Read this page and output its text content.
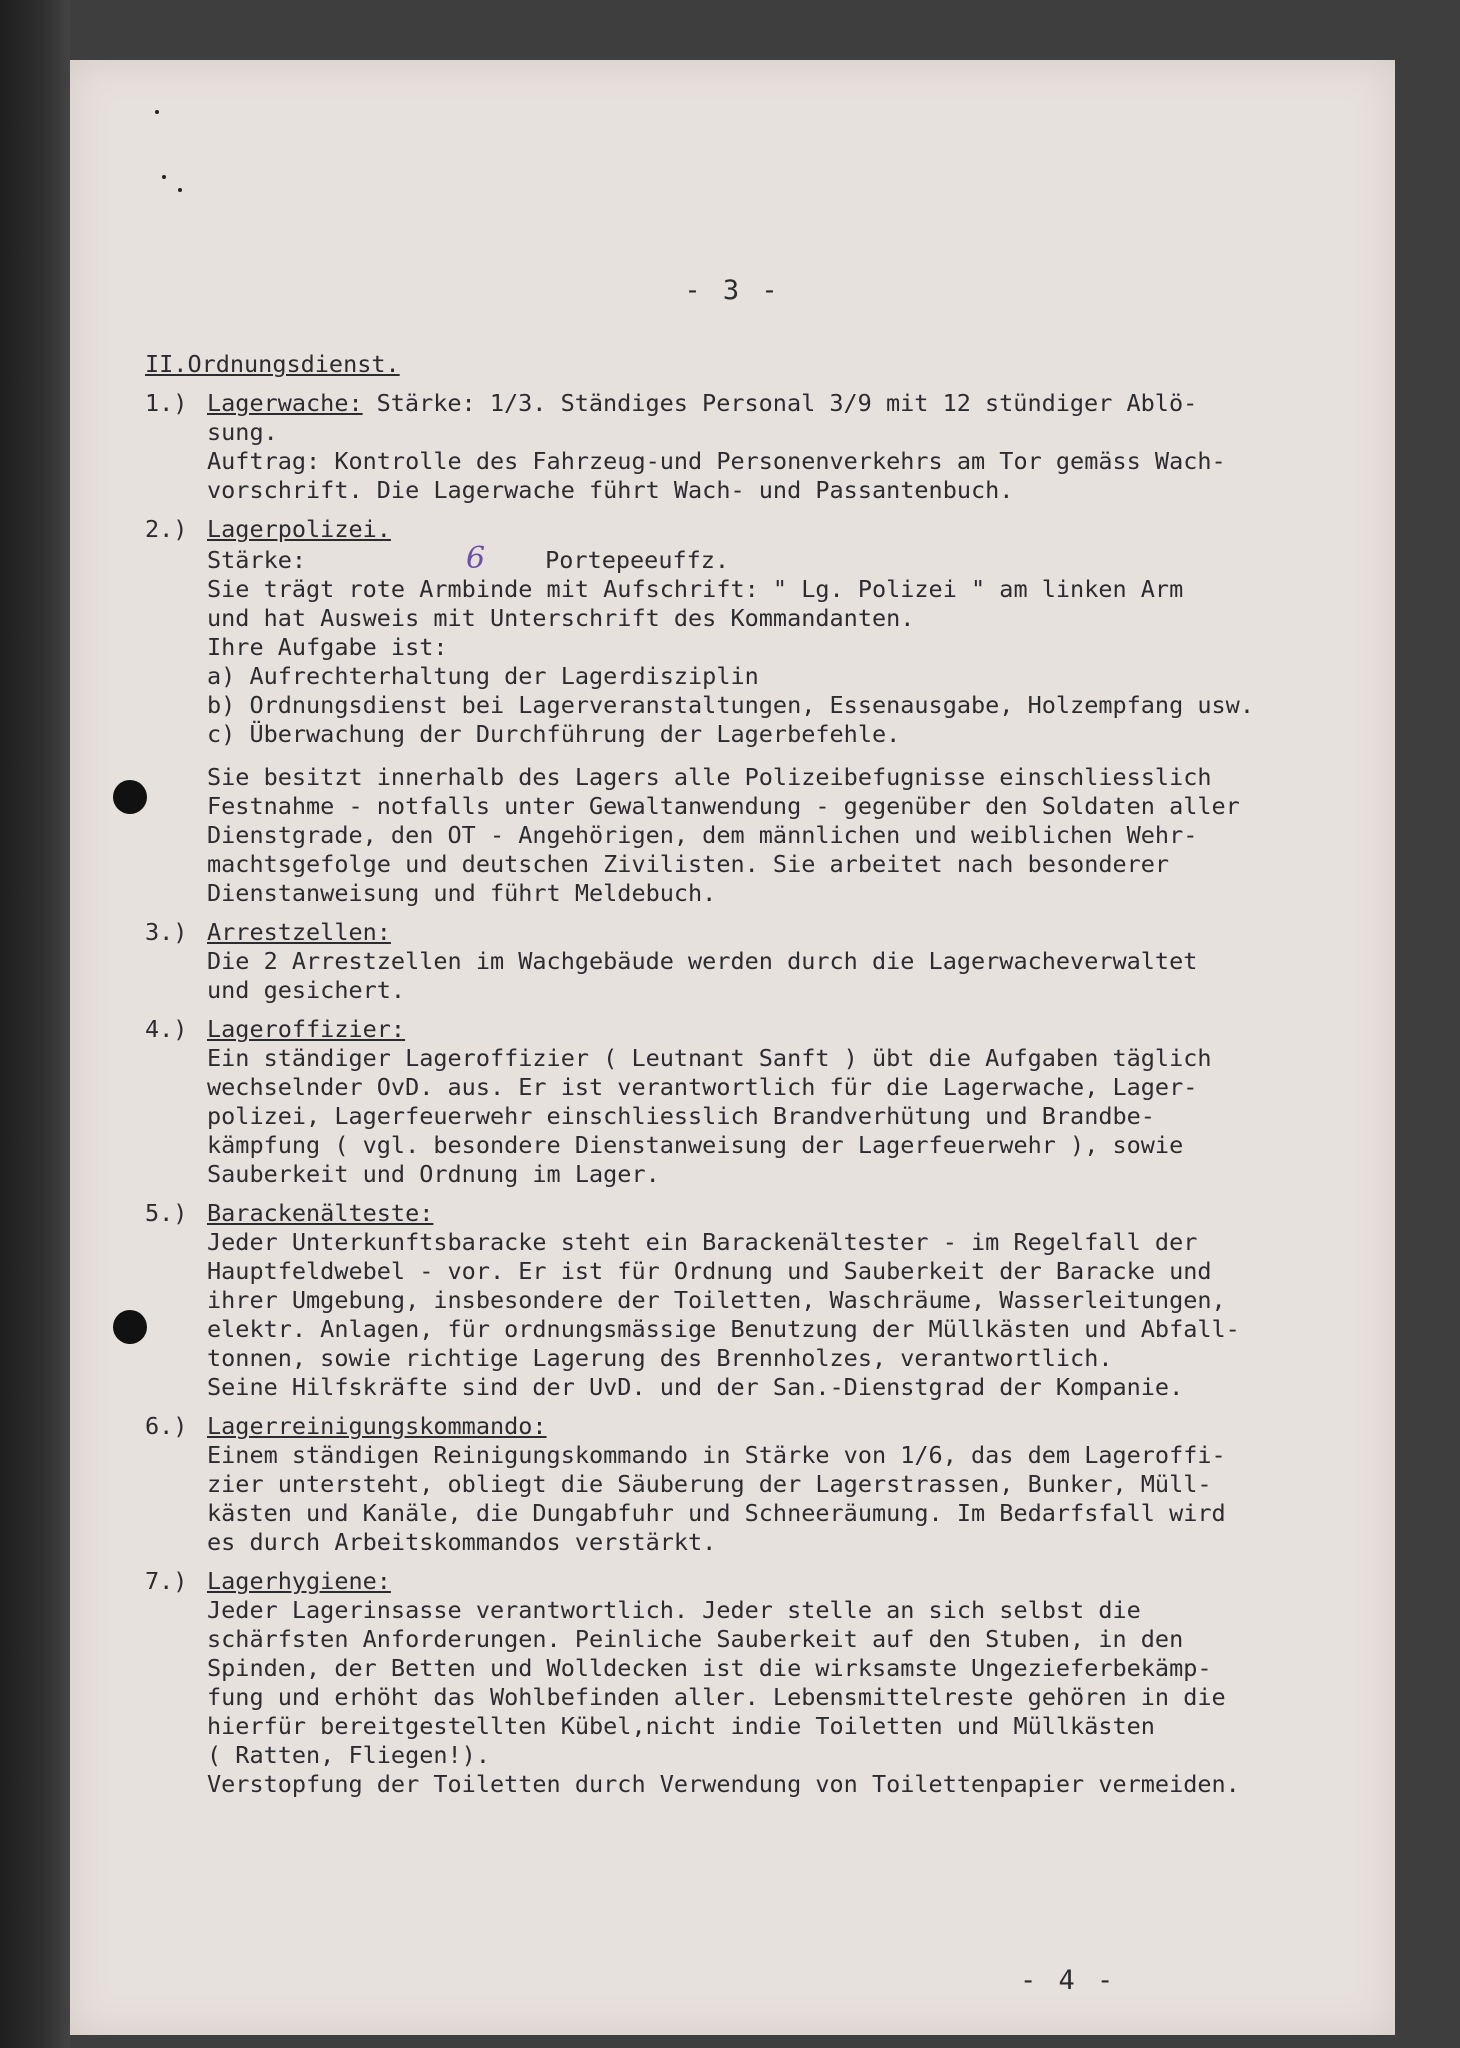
- 3 -
II.Ordnungsdienst.
1.) Lagerwache: Stärke: 1/3. Ständiges Personal 3/9 mit 12 stündiger Ablö-
sung.
Auftrag: Kontrolle des Fahrzeug-und Personenverkehrs am Tor gemäss Wach-
vorschrift. Die Lagerwache führt Wach- und Passantenbuch.
2.) Lagerpolizei.
Stärke:	6	Portepeeuffz.
Sie trägt rote Armbinde mit Aufschrift: " Lg. Polizei " am linken Arm
und hat Ausweis mit Unterschrift des Kommandanten.
Ihre Aufgabe ist:
a) Aufrechterhaltung der Lagerdisziplin
b) Ordnungsdienst bei Lagerveranstaltungen, Essenausgabe, Holzempfang usw.
c) Überwachung der Durchführung der Lagerbefehle.
Sie besitzt innerhalb des Lagers alle Polizeibefugnisse einschliesslich
Festnahme - notfalls unter Gewaltanwendung - gegenüber den Soldaten aller
Dienstgrade, den OT - Angehörigen, dem männlichen und weiblichen Wehr-
machtsgefolge und deutschen Zivilisten. Sie arbeitet nach besonderer
Dienstanweisung und führt Meldebuch.
3.) Arrestzellen:
Die 2 Arrestzellen im Wachgebäude werden durch die Lagerwacheverwaltet
und gesichert.
4.) Lageroffizier:
Ein ständiger Lageroffizier ( Leutnant Sanft ) übt die Aufgaben täglich
wechselnder OvD. aus. Er ist verantwortlich für die Lagerwache, Lager-
polizei, Lagerfeuerwehr einschliesslich Brandverhütung und Brandbe-
kämpfung ( vgl. besondere Dienstanweisung der Lagerfeuerwehr ), sowie
Sauberkeit und Ordnung im Lager.
5.) Barackenälteste:
Jeder Unterkunftsbaracke steht ein Barackenältester - im Regelfall der
Hauptfeldwebel - vor. Er ist für Ordnung und Sauberkeit der Baracke und
ihrer Umgebung, insbesondere der Toiletten, Waschräume, Wasserleitungen,
elektr. Anlagen, für ordnungsmässige Benutzung der Müllkästen und Abfall-
tonnen, sowie richtige Lagerung des Brennholzes, verantwortlich.
Seine Hilfskräfte sind der UvD. und der San.-Dienstgrad der Kompanie.
6.) Lagerreinigungskommando:
Einem ständigen Reinigungskommando in Stärke von 1/6, das dem Lageroffi-
zier untersteht, obliegt die Säuberung der Lagerstrassen, Bunker, Müll-
kästen und Kanäle, die Dungabfuhr und Schneeräumung. Im Bedarfsfall wird
es durch Arbeitskommandos verstärkt.
7.) Lagerhygiene:
Jeder Lagerinsasse verantwortlich. Jeder stelle an sich selbst die
schärfsten Anforderungen. Peinliche Sauberkeit auf den Stuben, in den
Spinden, der Betten und Wolldecken ist die wirksamste Ungezieferbekämp-
fung und erhöht das Wohlbefinden aller. Lebensmittelreste gehören in die
hierfür bereitgestellten Kübel,nicht indie Toiletten und Müllkästen
( Ratten, Fliegen!).
Verstopfung der Toiletten durch Verwendung von Toilettenpapier vermeiden.
- 4 -
